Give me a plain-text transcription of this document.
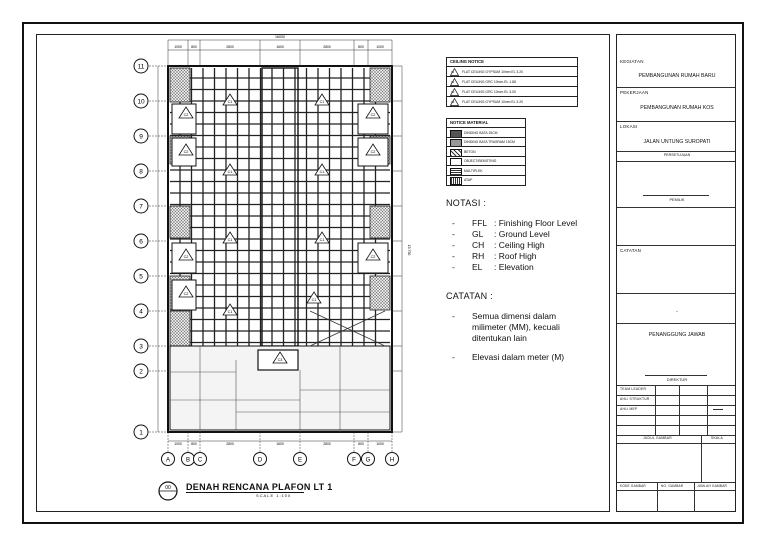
C1	C1
C2	C2
C2	C2
C1	C1
C1	C1
C2	C2
C2
C1
C1
C3
11
10
9
8
7
6
5
4
3
2
1
15.750
A	B C	D	E	F G	H
16000
1000
1000
800
800
2800
2800
1600
1600
2800
2800
800
800
1000
1000
CEILING NOTICE
C1 FLAT CEILING GYPSUM 10mm EL 3.20
C2 FLAT CEILING GRC 10mm EL 1.88
C3 FLAT CEILING GRC 10mm EL 3.00
C4 FLAT CEILING GYPSUM 10mm EL 3.20
NOTICE MATERIAL
DINDING BATA 15CM
DINDING BATA TRASRAM 15CM
BETON
OBJECT/BEKISTING
MULTIPLEK
ATAP
NOTASI :
-	FFL : Finishing Floor Level
-	GL	: Ground Level
-	CH	: Ceiling High
-	RH	: Roof High
-	EL	: Elevation
CATATAN :
-	Semua dimensi dalam milimeter (MM), kecuali ditentukan lain
-	Elevasi dalam meter (M)
00 DENAH RENCANA PLAFON LT 1
SCALE 1:100
KEGIATAN
PEMBANGUNAN RUMAH BARU
PEKERJAAN
PEMBANGUNAN RUMAH KOS
LOKASI
JALAN UNTUNG SUROPATI
PERSETUJUAN
PEMILIK
CATATAN
-
PENANGGUNG JAWAB
DIREKTUR
TEAM LEADER
AHLI STRUKTUR
AHLI MEP
JUDUL GAMBAR	SKALA
KODE GAMBAR	NO. GAMBAR	JUMLAH GAMBAR
